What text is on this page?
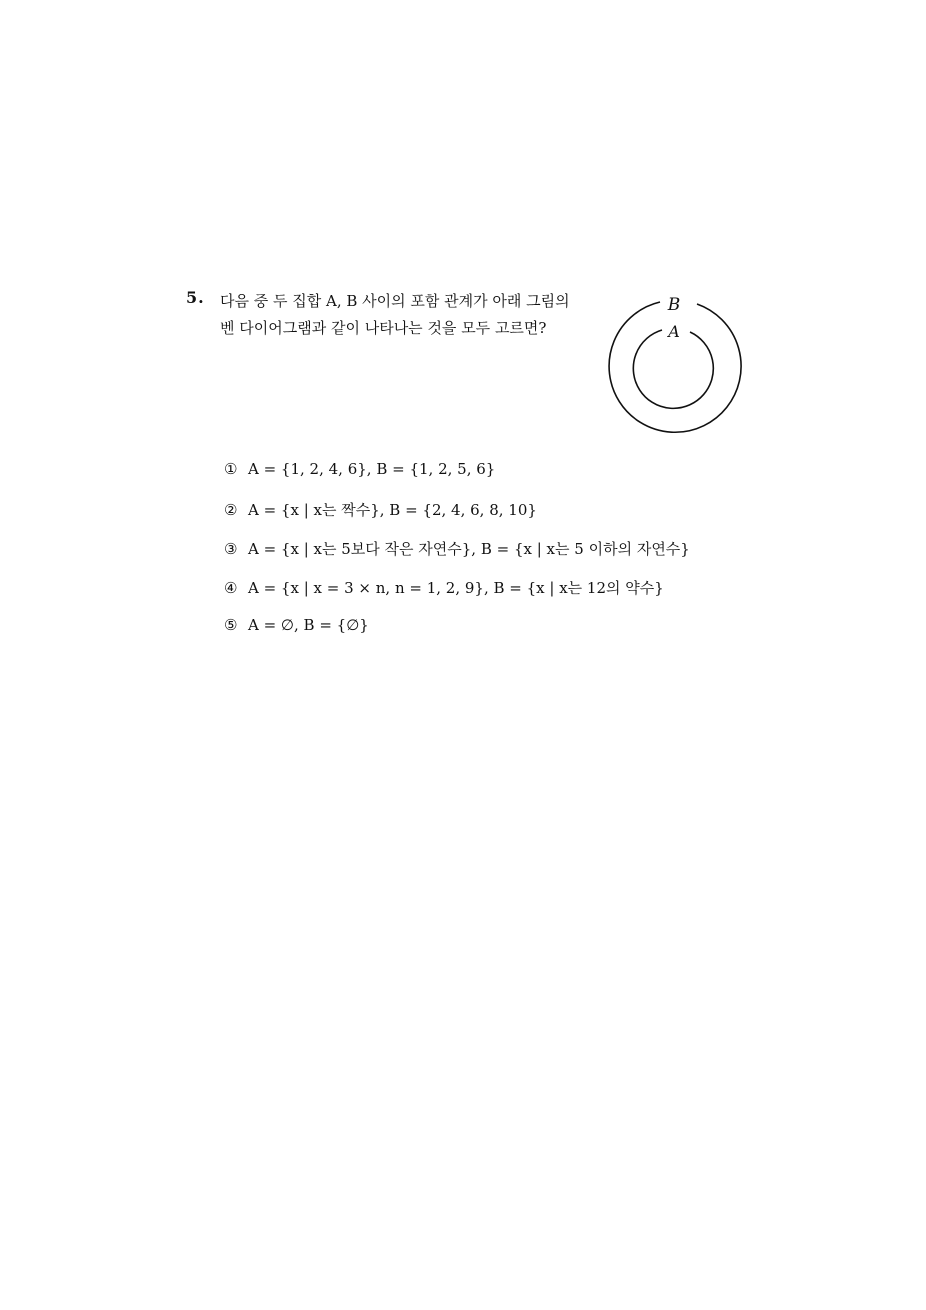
5. 다음 중 두 집합 A, B 사이의 포함 관계가 아래 그림의
벤 다이어그램과 같이 나타나는 것을 모두 고르면?
B
A
① A = {1, 2, 4, 6}, B = {1, 2, 5, 6}
② A = {x | x는 짝수}, B = {2, 4, 6, 8, 10}
③ A = {x | x는 5보다 작은 자연수}, B = {x | x는 5 이하의 자연수}
④ A = {x | x = 3 × n, n = 1, 2, 9}, B = {x | x는 12의 약수}
⑤ A = ∅, B = {∅}
